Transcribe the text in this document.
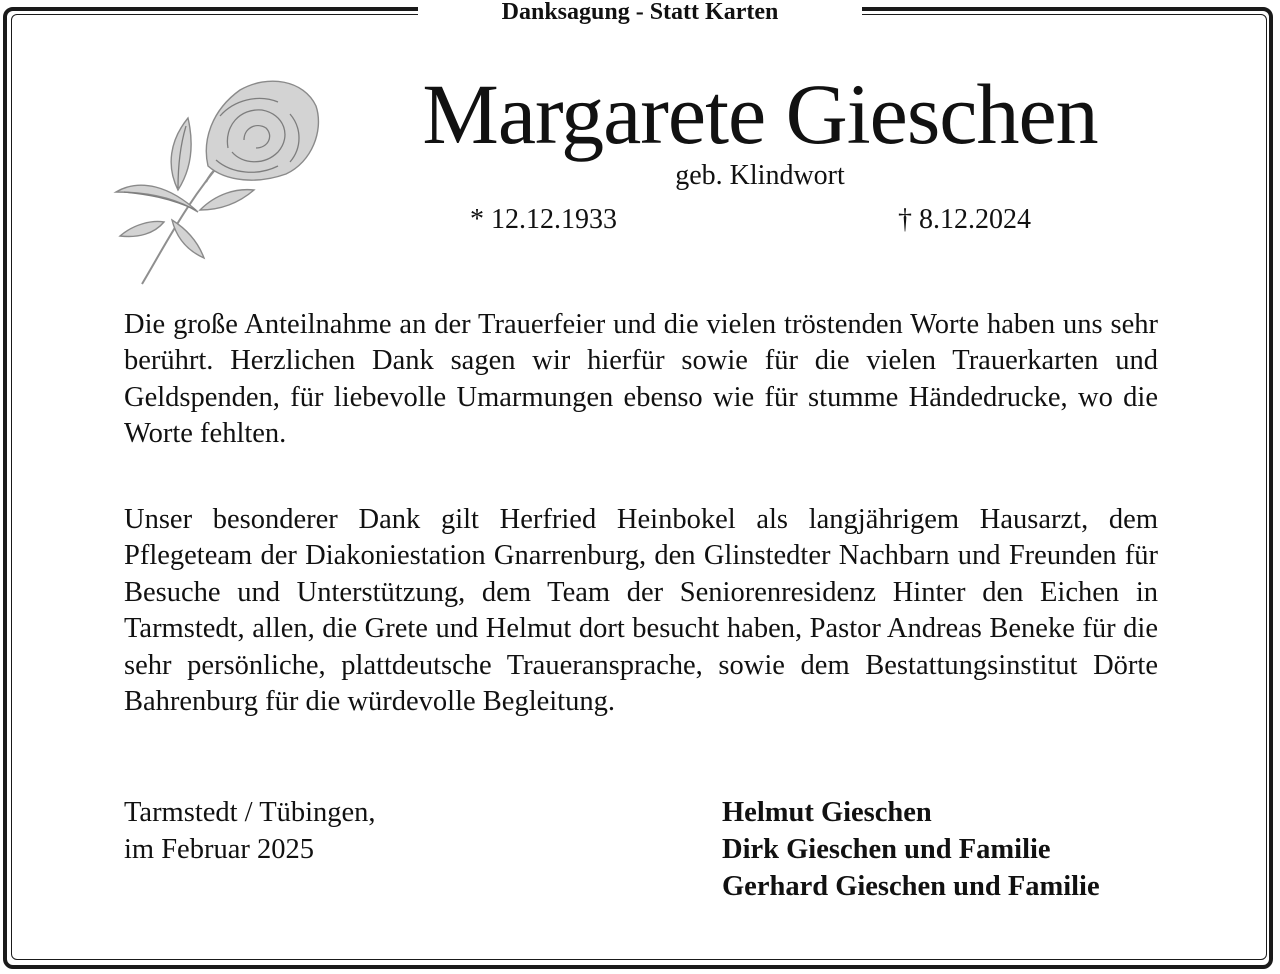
Danksagung - Statt Karten
Margarete Gieschen
geb. Klindwort
* 12.12.1933	† 8.12.2024
Die große Anteilnahme an der Trauerfeier und die vielen tröstenden Worte haben uns sehr berührt. Herzlichen Dank sagen wir hierfür sowie für die vielen Trauerkarten und Geldspenden, für liebevolle Umarmungen ebenso wie für stumme Händedrucke, wo die Worte fehlten.
Unser besonderer Dank gilt Herfried Heinbokel als langjährigem Hausarzt, dem Pflegeteam der Diakoniestation Gnarrenburg, den Glinstedter Nachbarn und Freunden für Besuche und Unterstützung, dem Team der Seniorenresidenz Hinter den Eichen in Tarmstedt, allen, die Grete und Helmut dort besucht haben, Pastor Andreas Beneke für die sehr persönliche, plattdeutsche Traueransprache, sowie dem Bestattungsinstitut Dörte Bahrenburg für die würdevolle Begleitung.
Tarmstedt / Tübingen,
im Februar 2025
Helmut Gieschen
Dirk Gieschen und Familie
Gerhard Gieschen und Familie
